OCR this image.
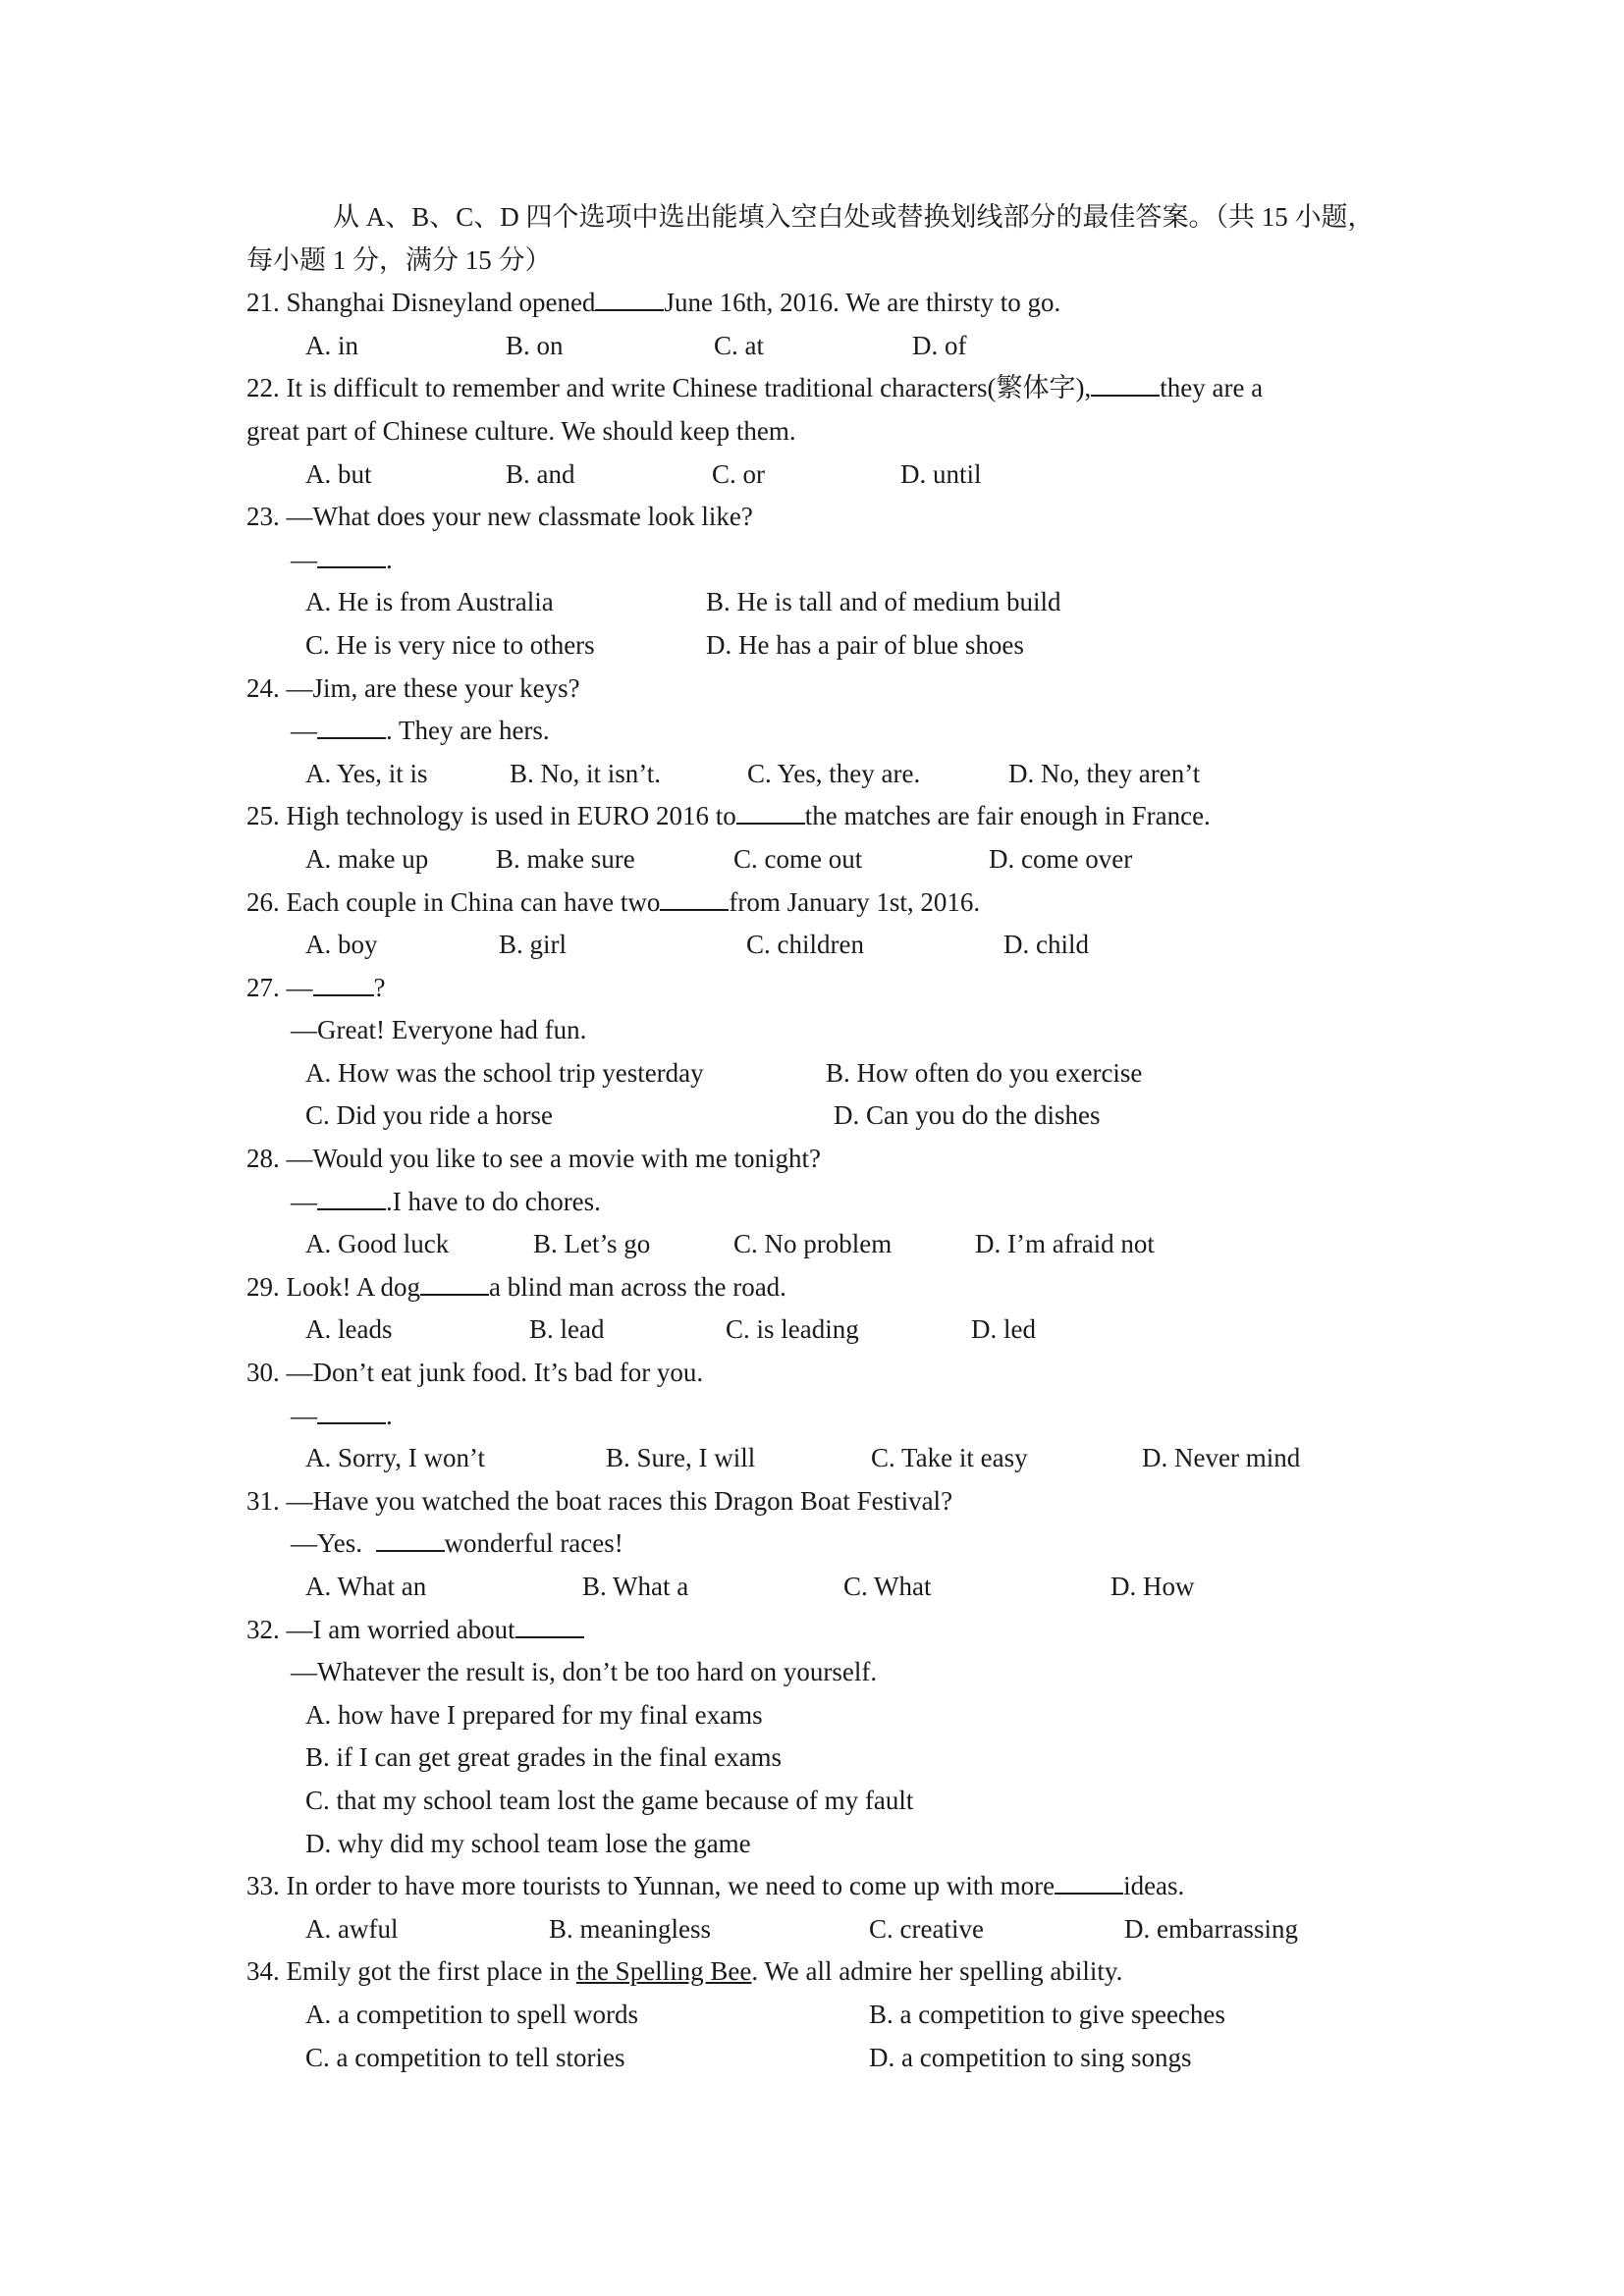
从 A、B、C、D 四个选项中选出能填入空白处或替换划线部分的最佳答案。（共 15 小题，每小题 1 分，满分 15 分）
21. Shanghai Disneyland opened	June 16th, 2016. We are thirsty to go.
A. in	B. on	C. at	D. of
22. It is difficult to remember and write Chinese traditional characters(繁体字),	they are a
great part of Chinese culture. We should keep them.
A. but	B. and	C. or	D. until
23. —What does your new classmate look like?
—	.
A. He is from Australia	B. He is tall and of medium build
C. He is very nice to others	D. He has a pair of blue shoes
24. —Jim, are these your keys?
—	. They are hers.
A. Yes, it is	B. No, it isn’t.	C. Yes, they are.	D. No, they aren’t
25. High technology is used in EURO 2016 to	the matches are fair enough in France.
A. make up	B. make sure	C. come out	D. come over
26. Each couple in China can have two	from January 1st, 2016.
A. boy	B. girl	C. children	D. child
27. — ?
—Great! Everyone had fun.
A. How was the school trip yesterday	B. How often do you exercise
C. Did you ride a horse	D. Can you do the dishes
28. —Would you like to see a movie with me tonight?
—	.I have to do chores.
A. Good luck	B. Let’s go	C. No problem	D. I’m afraid not
29. Look! A dog	a blind man across the road.
A. leads	B. lead	C. is leading	D. led
30. —Don’t eat junk food. It’s bad for you.
—	.
A. Sorry, I won’t	B. Sure, I will	C. Take it easy	D. Never mind
31. —Have you watched the boat races this Dragon Boat Festival?
—Yes.	wonderful races!
A. What an	B. What a	C. What	D. How
32. —I am worried about
—Whatever the result is, don’t be too hard on yourself.
A. how have I prepared for my final exams
B. if I can get great grades in the final exams
C. that my school team lost the game because of my fault
D. why did my school team lose the game
33. In order to have more tourists to Yunnan, we need to come up with more	ideas.
A. awful	B. meaningless	C. creative	D. embarrassing
34. Emily got the first place in the Spelling Bee. We all admire her spelling ability.
A. a competition to spell words	B. a competition to give speeches
C. a competition to tell stories	D. a competition to sing songs
